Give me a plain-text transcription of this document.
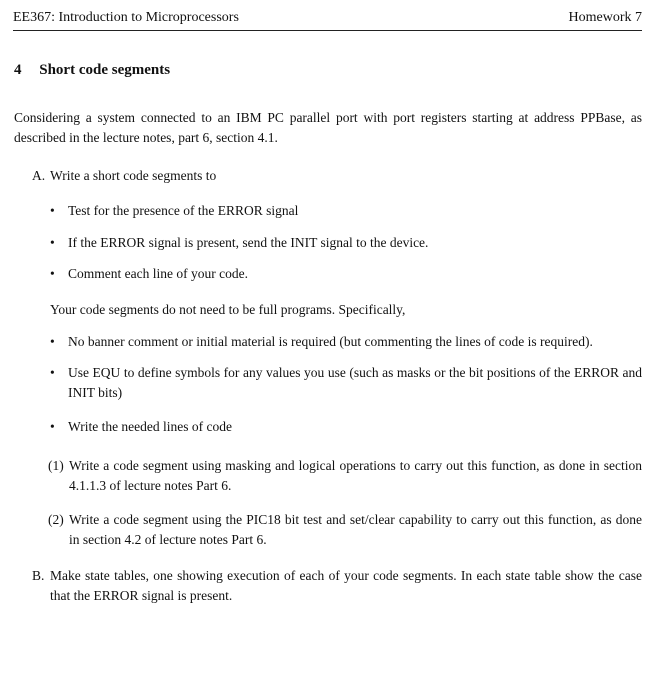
EE367: Introduction to Microprocessors	Homework 7
4 Short code segments
Considering a system connected to an IBM PC parallel port with port registers starting at address PPBase, as described in the lecture notes, part 6, section 4.1.
A. Write a short code segments to
• Test for the presence of the ERROR signal
• If the ERROR signal is present, send the INIT signal to the device.
• Comment each line of your code.
Your code segments do not need to be full programs. Specifically,
• No banner comment or initial material is required (but commenting the lines of code is required).
• Use EQU to define symbols for any values you use (such as masks or the bit positions of the ERROR and INIT bits)
• Write the needed lines of code
(1) Write a code segment using masking and logical operations to carry out this function, as done in section 4.1.1.3 of lecture notes Part 6.
(2) Write a code segment using the PIC18 bit test and set/clear capability to carry out this function, as done in section 4.2 of lecture notes Part 6.
B. Make state tables, one showing execution of each of your code segments. In each state table show the case that the ERROR signal is present.
